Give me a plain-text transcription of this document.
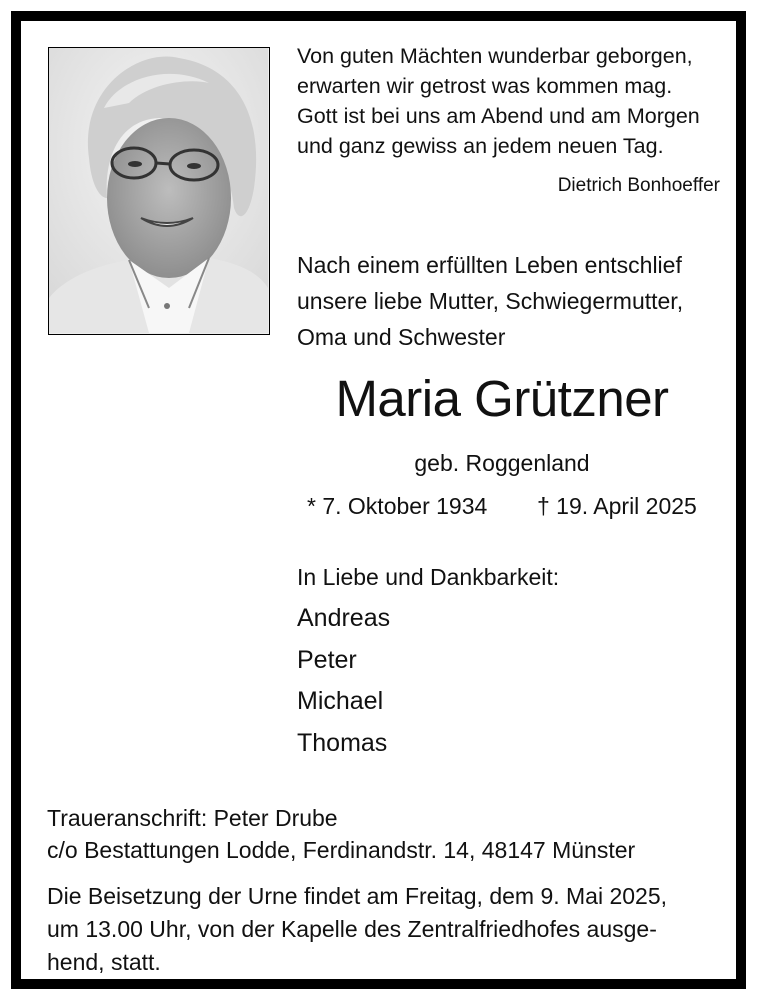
Von guten Mächten wunderbar geborgen,
erwarten wir getrost was kommen mag.
Gott ist bei uns am Abend und am Morgen
und ganz gewiss an jedem neuen Tag.
Dietrich Bonhoeffer
Nach einem erfüllten Leben entschlief
unsere liebe Mutter, Schwiegermutter,
Oma und Schwester
Maria Grützner
geb. Roggenland
* 7. Oktober 1934 † 19. April 2025
In Liebe und Dankbarkeit:
Andreas
Peter
Michael
Thomas
Traueranschrift: Peter Drube
c/o Bestattungen Lodde, Ferdinandstr. 14, 48147 Münster
Die Beisetzung der Urne findet am Freitag, dem 9. Mai 2025,
um 13.00 Uhr, von der Kapelle des Zentralfriedhofes ausge-
hend, statt.
